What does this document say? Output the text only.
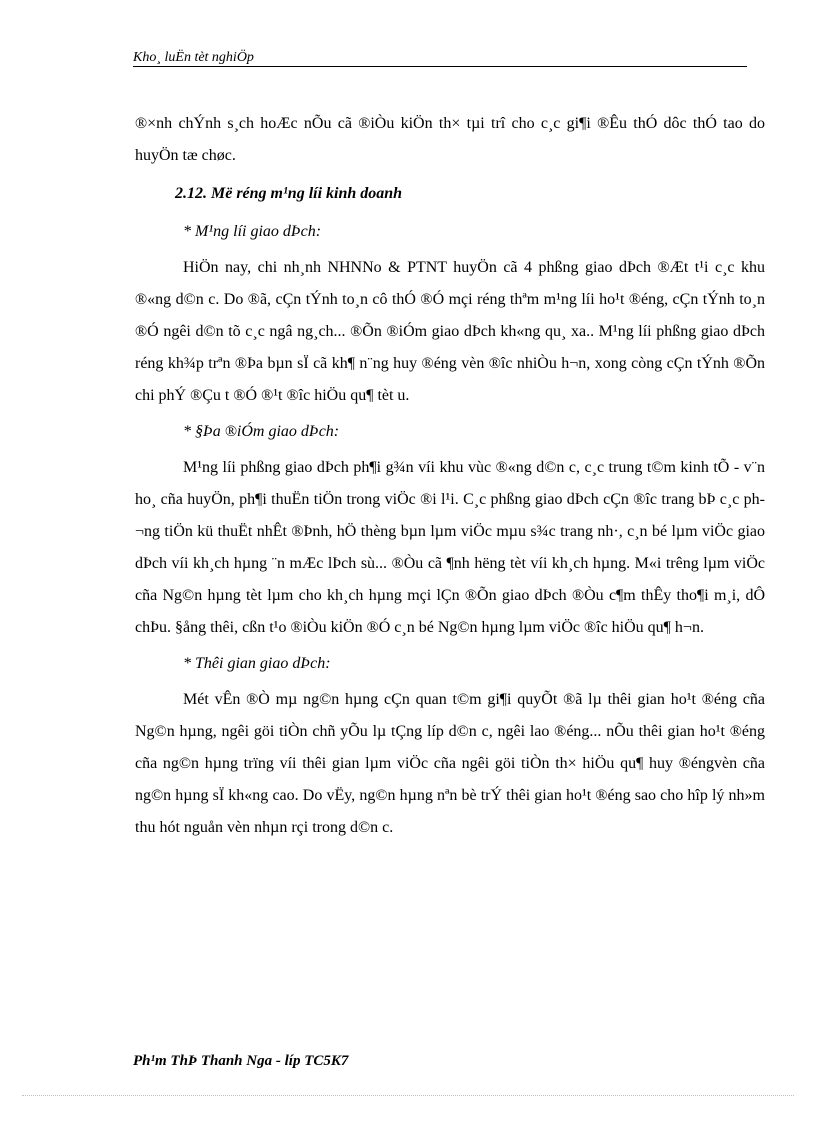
Kho¸ luËn tèt nghiÖp

®×nh chÝnh s¸ch hoÆc nÕu cã ®iÒu kiÖn th× tµi trî cho c¸c gi¶i ®Êu thÓ dôc thÓ tao do huyÖn tæ chøc.

2.12. Më réng m¹ng líi kinh doanh
* M¹ng líi giao dÞch:

HiÖn nay, chi nh¸nh NHNNo & PTNT huyÖn cã 4 phßng giao dÞch ®Æt t¹i c¸c khu ®«ng d©n c. Do ®ã, cÇn tÝnh to¸n cô thÓ ®Ó mçi réng thªm m¹ng líi ho¹t ®éng, cÇn tÝnh to¸n ®Ó ngêi d©n tõ c¸c ngâ ng¸ch... ®Õn ®iÓm giao dÞch kh«ng qu¸ xa.. M¹ng líi phßng giao dÞch réng kh¾p trªn ®Þa bµn sÏ cã kh¶ n¨ng huy ®éng vèn ®îc nhiÒu h¬n, xong còng cÇn tÝnh ®Õn chi phÝ ®Çu t ®Ó ®¹t ®îc hiÖu qu¶ tèt u.

* §Þa ®iÓm giao dÞch:

M¹ng líi phßng giao dÞch ph¶i g¾n víi khu vùc ®«ng d©n c, c¸c trung t©m kinh tÕ - v¨n ho¸ cña huyÖn, ph¶i thuËn tiÖn trong viÖc ®i l¹i. C¸c phßng giao dÞch cÇn ®îc trang bÞ c¸c ph¬ng tiÖn kü thuËt nhÊt ®Þnh, hÖ thèng bµn lµm viÖc mµu s¾c trang nh·, c¸n bé lµm viÖc giao dÞch víi kh¸ch hµng ¨n mÆc lÞch sù... ®Òu cã ¶nh hëng tèt víi kh¸ch hµng. M«i trêng lµm viÖc cña Ng©n hµng tèt lµm cho kh¸ch hµng mçi lÇn ®Õn giao dÞch ®Òu c¶m thÊy tho¶i m¸i, dÔ chÞu. §ång thêi, cßn t¹o ®iÒu kiÖn ®Ó c¸n bé Ng©n hµng lµm viÖc ®îc hiÖu qu¶ h¬n.

* Thêi gian giao dÞch:

Mét vÊn ®Ò mµ ng©n hµng cÇn quan t©m gi¶i quyÕt ®ã lµ thêi gian ho¹t ®éng cña Ng©n hµng, ngêi göi tiÒn chñ yÕu lµ tÇng líp d©n c, ngêi lao ®éng... nÕu thêi gian ho¹t ®éng cña ng©n hµng trïng víi thêi gian lµm viÖc cña ngêi göi tiÒn th× hiÖu qu¶ huy ®éngvèn cña ng©n hµng sÏ kh«ng cao. Do vËy, ng©n hµng nªn bè trÝ thêi gian ho¹t ®éng sao cho hîp lý nh»m thu hót nguån vèn nhµn rçi trong d©n c.

Ph¹m ThÞ Thanh Nga - líp TC5K7
